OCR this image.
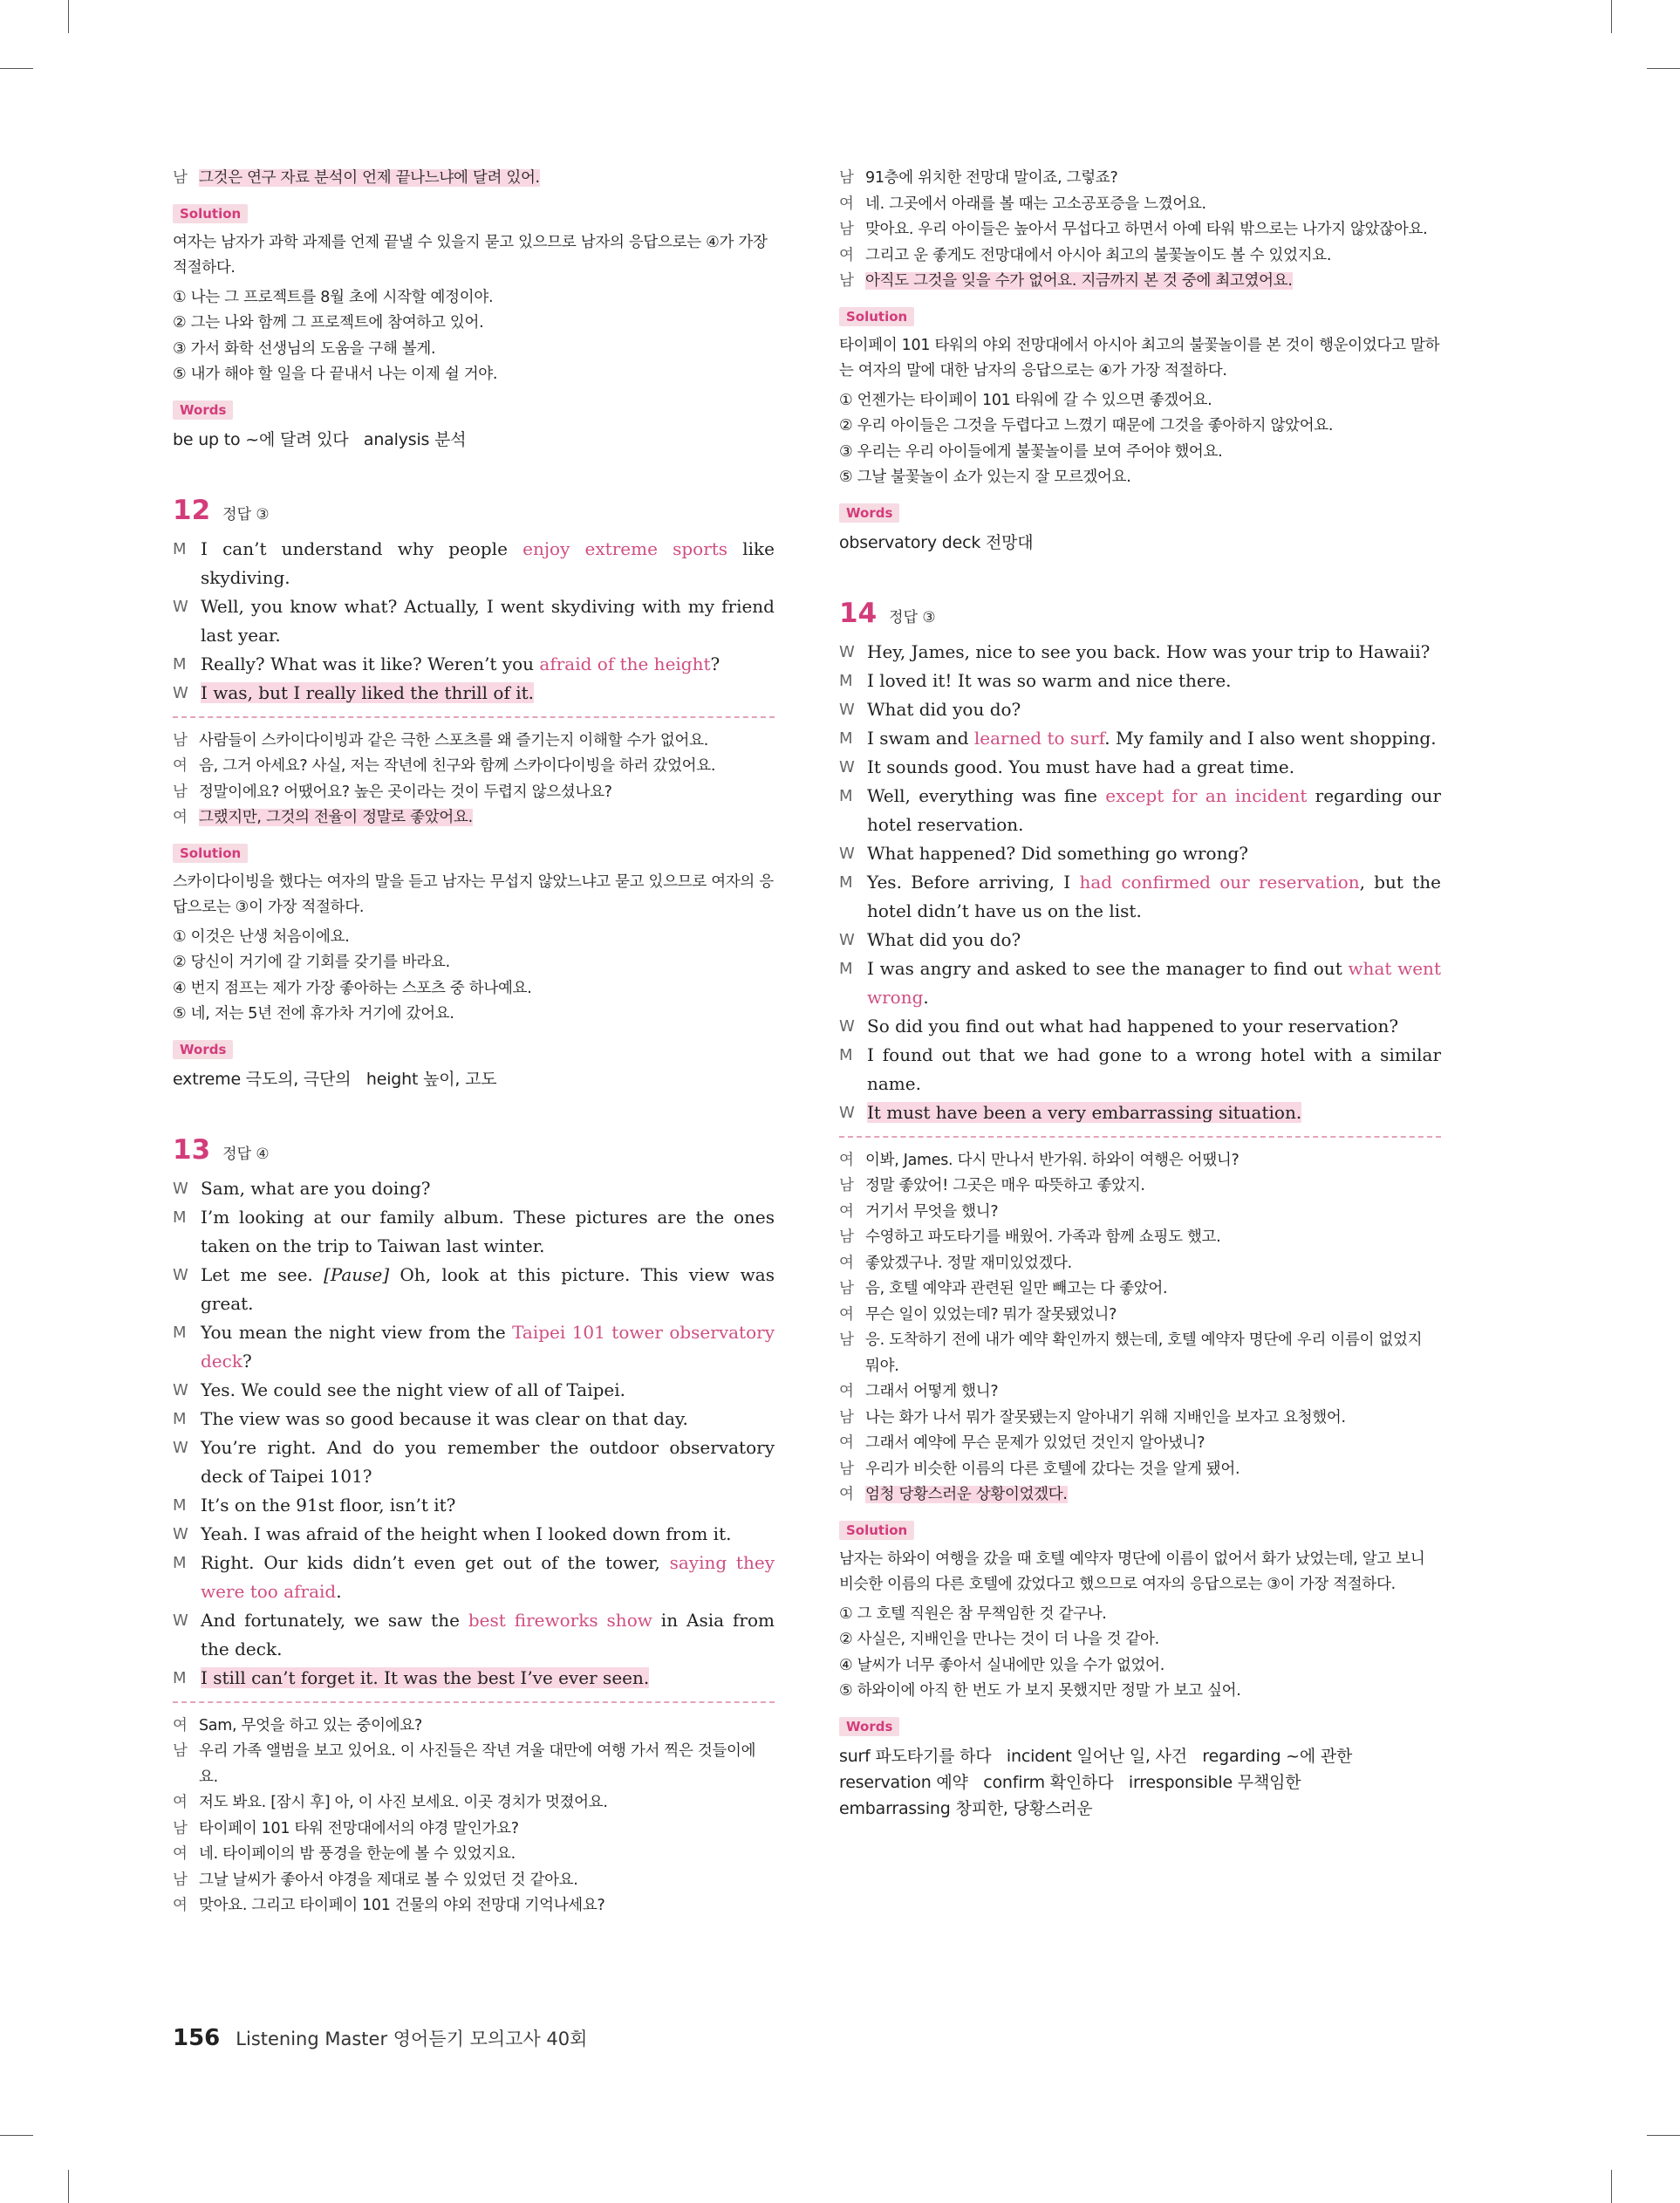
남 그것은 연구 자료 분석이 언제 끝나느냐에 달려 있어.
Solution
여자는 남자가 과학 과제를 언제 끝낼 수 있을지 묻고 있으므로 남자의 응답으로는 ④가 가장 적절하다.
① 나는 그 프로젝트를 8월 초에 시작할 예정이야.
② 그는 나와 함께 그 프로젝트에 참여하고 있어.
③ 가서 화학 선생님의 도움을 구해 볼게.
⑤ 내가 해야 할 일을 다 끝내서 나는 이제 쉴 거야.
Words
be up to ~에 달려 있다   analysis 분석
12 정답 ③
M I can’t understand why people enjoy extreme sports like skydiving.
W Well, you know what? Actually, I went skydiving with my friend last year.
M Really? What was it like? Weren’t you afraid of the height?
W I was, but I really liked the thrill of it.
남 사람들이 스카이다이빙과 같은 극한 스포츠를 왜 즐기는지 이해할 수가 없어요.
여 음, 그거 아세요? 사실, 저는 작년에 친구와 함께 스카이다이빙을 하러 갔었어요.
남 정말이에요? 어땠어요? 높은 곳이라는 것이 두렵지 않으셨나요?
여 그랬지만, 그것의 전율이 정말로 좋았어요.
Solution
스카이다이빙을 했다는 여자의 말을 듣고 남자는 무섭지 않았느냐고 묻고 있으므로 여자의 응답으로는 ③이 가장 적절하다.
① 이것은 난생 처음이에요.
② 당신이 거기에 갈 기회를 갖기를 바라요.
④ 번지 점프는 제가 가장 좋아하는 스포츠 중 하나예요.
⑤ 네, 저는 5년 전에 휴가차 거기에 갔어요.
Words
extreme 극도의, 극단의   height 높이, 고도
13 정답 ④
W Sam, what are you doing?
M I’m looking at our family album. These pictures are the ones taken on the trip to Taiwan last winter.
W Let me see. [Pause] Oh, look at this picture. This view was great.
M You mean the night view from the Taipei 101 tower observatory deck?
W Yes. We could see the night view of all of Taipei.
M The view was so good because it was clear on that day.
W You’re right. And do you remember the outdoor observatory deck of Taipei 101?
M It’s on the 91st floor, isn’t it?
W Yeah. I was afraid of the height when I looked down from it.
M Right. Our kids didn’t even get out of the tower, saying they were too afraid.
W And fortunately, we saw the best fireworks show in Asia from the deck.
M I still can’t forget it. It was the best I’ve ever seen.
여 Sam, 무엇을 하고 있는 중이에요?
남 우리 가족 앨범을 보고 있어요. 이 사진들은 작년 겨울 대만에 여행 가서 찍은 것들이에요.
여 저도 봐요. [잠시 후] 아, 이 사진 보세요. 이곳 경치가 멋졌어요.
남 타이페이 101 타워 전망대에서의 야경 말인가요?
여 네. 타이페이의 밤 풍경을 한눈에 볼 수 있었지요.
남 그날 날씨가 좋아서 야경을 제대로 볼 수 있었던 것 같아요.
여 맞아요. 그리고 타이페이 101 건물의 야외 전망대 기억나세요?
남 91층에 위치한 전망대 말이죠, 그렇죠?
여 네. 그곳에서 아래를 볼 때는 고소공포증을 느꼈어요.
남 맞아요. 우리 아이들은 높아서 무섭다고 하면서 아예 타워 밖으로는 나가지 않았잖아요.
여 그리고 운 좋게도 전망대에서 아시아 최고의 불꽃놀이도 볼 수 있었지요.
남 아직도 그것을 잊을 수가 없어요. 지금까지 본 것 중에 최고였어요.
Solution
타이페이 101 타워의 야외 전망대에서 아시아 최고의 불꽃놀이를 본 것이 행운이었다고 말하는 여자의 말에 대한 남자의 응답으로는 ④가 가장 적절하다.
① 언젠가는 타이페이 101 타워에 갈 수 있으면 좋겠어요.
② 우리 아이들은 그것을 두렵다고 느꼈기 때문에 그것을 좋아하지 않았어요.
③ 우리는 우리 아이들에게 불꽃놀이를 보여 주어야 했어요.
⑤ 그날 불꽃놀이 쇼가 있는지 잘 모르겠어요.
Words
observatory deck 전망대
14 정답 ③
W Hey, James, nice to see you back. How was your trip to Hawaii?
M I loved it! It was so warm and nice there.
W What did you do?
M I swam and learned to surf. My family and I also went shopping.
W It sounds good. You must have had a great time.
M Well, everything was fine except for an incident regarding our hotel reservation.
W What happened? Did something go wrong?
M Yes. Before arriving, I had confirmed our reservation, but the hotel didn’t have us on the list.
W What did you do?
M I was angry and asked to see the manager to find out what went wrong.
W So did you find out what had happened to your reservation?
M I found out that we had gone to a wrong hotel with a similar name.
W It must have been a very embarrassing situation.
여 이봐, James. 다시 만나서 반가워. 하와이 여행은 어땠니?
남 정말 좋았어! 그곳은 매우 따뜻하고 좋았지.
여 거기서 무엇을 했니?
남 수영하고 파도타기를 배웠어. 가족과 함께 쇼핑도 했고.
여 좋았겠구나. 정말 재미있었겠다.
남 음, 호텔 예약과 관련된 일만 빼고는 다 좋았어.
여 무슨 일이 있었는데? 뭐가 잘못됐었니?
남 응. 도착하기 전에 내가 예약 확인까지 했는데, 호텔 예약자 명단에 우리 이름이 없었지 뭐야.
여 그래서 어떻게 했니?
남 나는 화가 나서 뭐가 잘못됐는지 알아내기 위해 지배인을 보자고 요청했어.
여 그래서 예약에 무슨 문제가 있었던 것인지 알아냈니?
남 우리가 비슷한 이름의 다른 호텔에 갔다는 것을 알게 됐어.
여 엄청 당황스러운 상황이었겠다.
Solution
남자는 하와이 여행을 갔을 때 호텔 예약자 명단에 이름이 없어서 화가 났었는데, 알고 보니 비슷한 이름의 다른 호텔에 갔었다고 했으므로 여자의 응답으로는 ③이 가장 적절하다.
① 그 호텔 직원은 참 무책임한 것 같구나.
② 사실은, 지배인을 만나는 것이 더 나을 것 같아.
④ 날씨가 너무 좋아서 실내에만 있을 수가 없었어.
⑤ 하와이에 아직 한 번도 가 보지 못했지만 정말 가 보고 싶어.
Words
surf 파도타기를 하다   incident 일어난 일, 사건   regarding ~에 관한
reservation 예약   confirm 확인하다   irresponsible 무책임한
embarrassing 창피한, 당황스러운
156 Listening Master 영어듣기 모의고사 40회
